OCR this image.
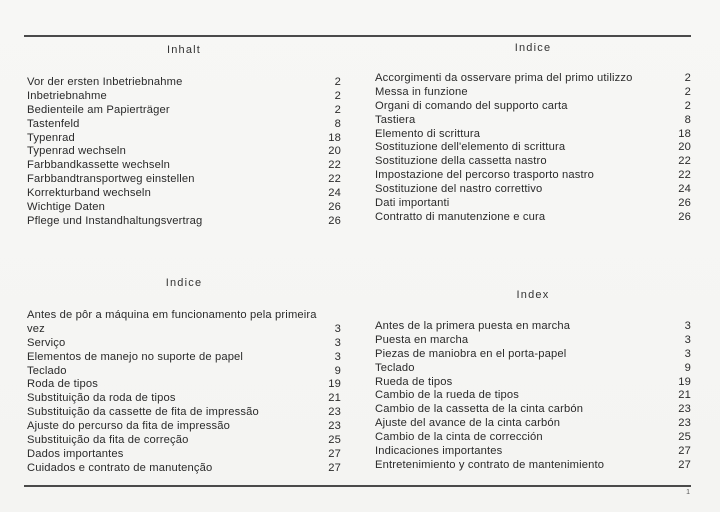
Inhalt
Vor der ersten Inbetriebnahme	2
Inbetriebnahme	2
Bedienteile am Papierträger	2
Tastenfeld	8
Typenrad	18
Typenrad wechseln	20
Farbbandkassette wechseln	22
Farbbandtransportweg einstellen	22
Korrekturband wechseln	24
Wichtige Daten	26
Pflege und Instandhaltungsvertrag	26
Indice
Accorgimenti da osservare prima del primo utilizzo	2
Messa in funzione	2
Organi di comando del supporto carta	2
Tastiera	8
Elemento di scrittura	18
Sostituzione dell'elemento di scrittura	20
Sostituzione della cassetta nastro	22
Impostazione del percorso trasporto nastro	22
Sostituzione del nastro correttivo	24
Dati importanti	26
Contratto di manutenzione e cura	26
Indice
Antes de pôr a máquina em funcionamento pela primeira vez	3
Serviço	3
Elementos de manejo no suporte de papel	3
Teclado	9
Roda de tipos	19
Substituição da roda de tipos	21
Substituição da cassette de fita de impressão	23
Ajuste do percurso da fita de impressão	23
Substituição da fita de correção	25
Dados importantes	27
Cuidados e contrato de manutenção	27
Index
Antes de la primera puesta en marcha	3
Puesta en marcha	3
Piezas de maniobra en el porta-papel	3
Teclado	9
Rueda de tipos	19
Cambio de la rueda de tipos	21
Cambio de la cassetta de la cinta carbón	23
Ajuste del avance de la cinta carbón	23
Cambio de la cinta de corrección	25
Indicaciones importantes	27
Entretenimiento y contrato de mantenimiento	27
1
